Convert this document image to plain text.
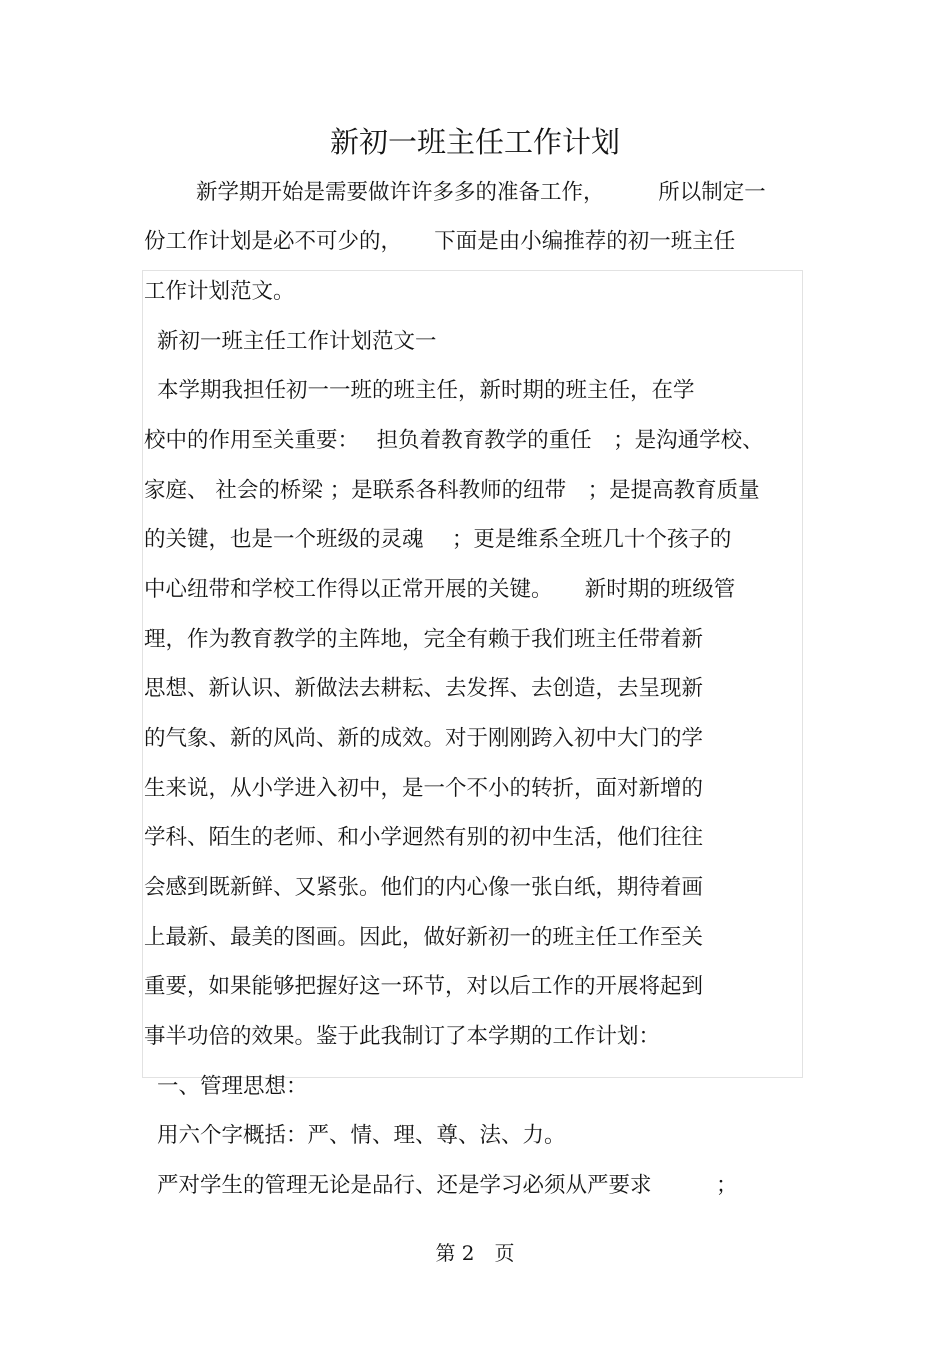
新初一班主任工作计划
新学期开始是需要做许许多多的准备工作，　　　所以制定一
份工作计划是必不可少的，　　下面是由小编推荐的初一班主任
工作计划范文。
新初一班主任工作计划范文一
本学期我担任初一一班的班主任，新时期的班主任，在学
校中的作用至关重要：　 担负着教育教学的重任　；是沟通学校、
家庭、 社会的桥梁 ；是联系各科教师的纽带　；是提高教育质量
的关键，也是一个班级的灵魂　 ；更是维系全班几十个孩子的
中心纽带和学校工作得以正常开展的关键。　　新时期的班级管
理，作为教育教学的主阵地，完全有赖于我们班主任带着新
思想、新认识、新做法去耕耘、去发挥、去创造，去呈现新
的气象、新的风尚、新的成效。对于刚刚跨入初中大门的学
生来说，从小学进入初中，是一个不小的转折，面对新增的
学科、陌生的老师、和小学迥然有别的初中生活，他们往往
会感到既新鲜、又紧张。他们的内心像一张白纸，期待着画
上最新、最美的图画。因此，做好新初一的班主任工作至关
重要，如果能够把握好这一环节，对以后工作的开展将起到
事半功倍的效果。鉴于此我制订了本学期的工作计划：
一、管理思想：
用六个字概括：严、情、理、尊、法、力。
严对学生的管理无论是品行、还是学习必须从严要求　　　；
第 2　页
